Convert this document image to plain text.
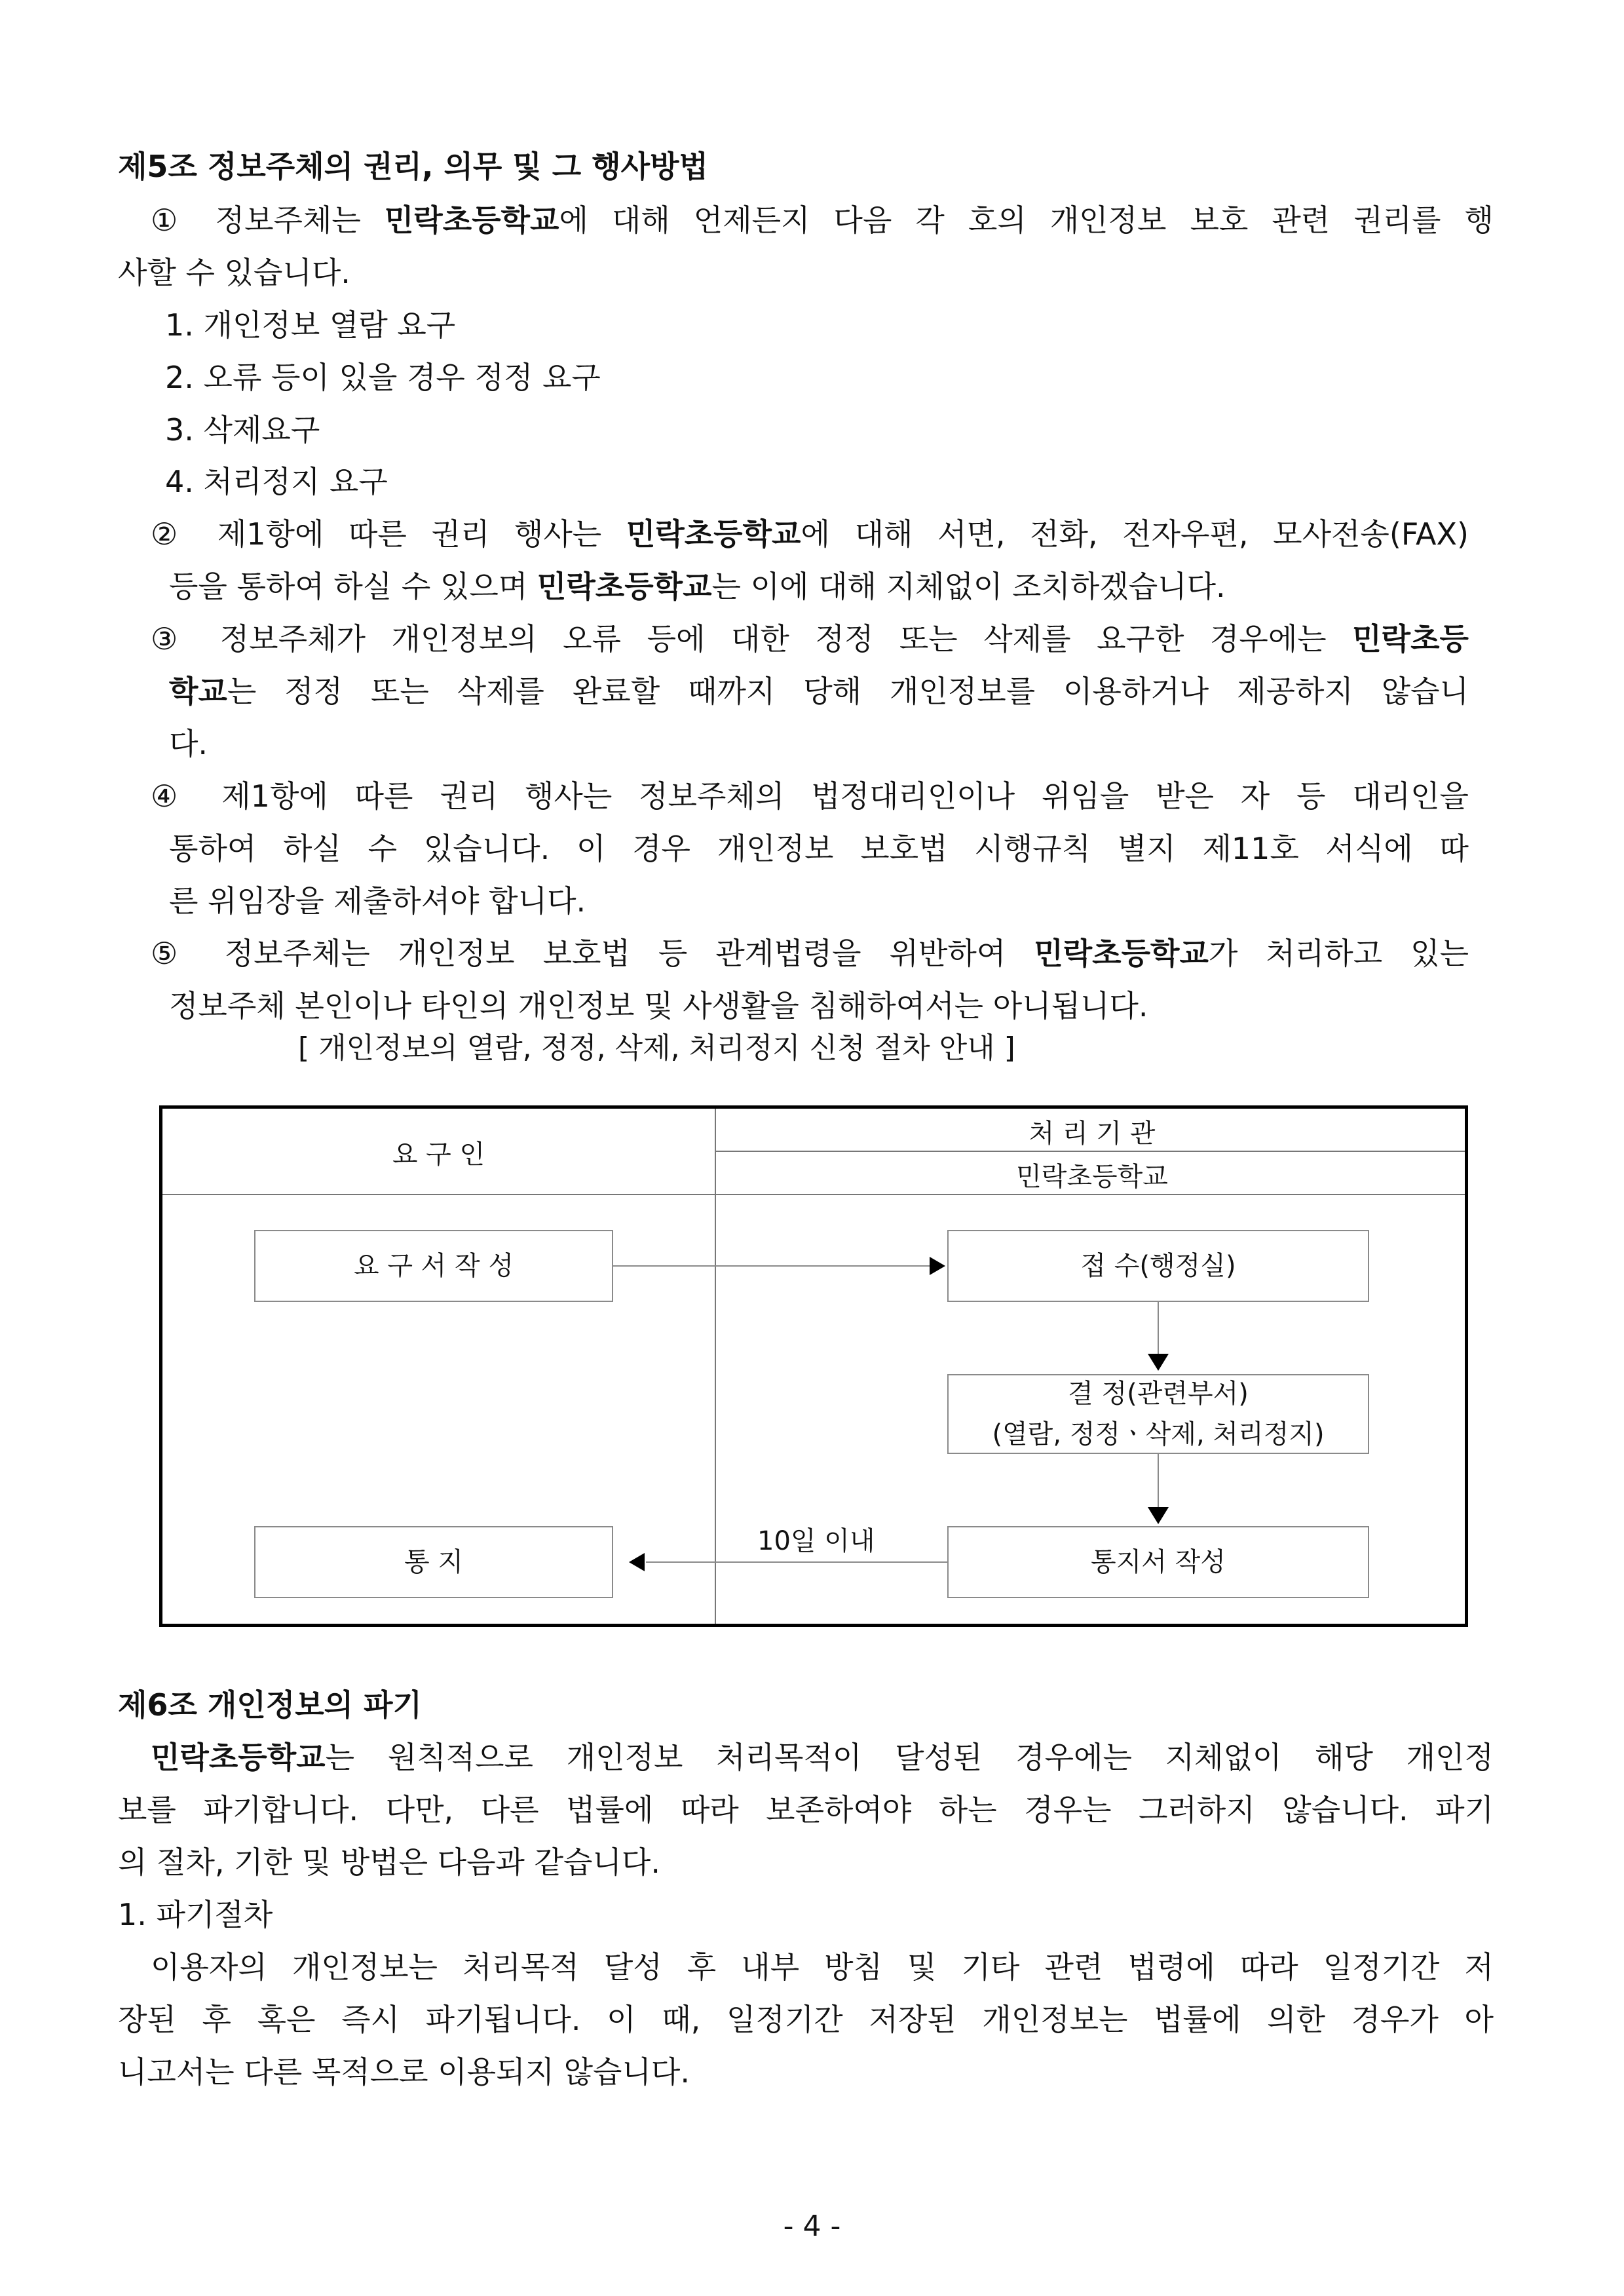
제5조 정보주체의 권리, 의무 및 그 행사방법
① 정보주체는 민락초등학교에 대해 언제든지 다음 각 호의 개인정보 보호 관련 권리를 행
사할 수 있습니다.
1. 개인정보 열람 요구
2. 오류 등이 있을 경우 정정 요구
3. 삭제요구
4. 처리정지 요구
② 제1항에 따른 권리 행사는 민락초등학교에 대해 서면, 전화, 전자우편, 모사전송(FAX)
등을 통하여 하실 수 있으며 민락초등학교는 이에 대해 지체없이 조치하겠습니다.
③ 정보주체가 개인정보의 오류 등에 대한 정정 또는 삭제를 요구한 경우에는 민락초등
학교는 정정 또는 삭제를 완료할 때까지 당해 개인정보를 이용하거나 제공하지 않습니
다.
④ 제1항에 따른 권리 행사는 정보주체의 법정대리인이나 위임을 받은 자 등 대리인을
통하여 하실 수 있습니다. 이 경우 개인정보 보호법 시행규칙 별지 제11호 서식에 따
른 위임장을 제출하셔야 합니다.
⑤ 정보주체는 개인정보 보호법 등 관계법령을 위반하여 민락초등학교가 처리하고 있는
정보주체 본인이나 타인의 개인정보 및 사생활을 침해하여서는 아니됩니다.
[ 개인정보의 열람, 정정, 삭제, 처리정지 신청 절차 안내 ]
요 구 인
처 리 기 관
민락초등학교
요 구 서 작 성	접 수(행정실)
결 정(관련부서)
(열람, 정정ㆍ삭제, 처리정지)
통지서 작성
통 지
10일 이내
제6조 개인정보의 파기
민락초등학교는 원칙적으로 개인정보 처리목적이 달성된 경우에는 지체없이 해당 개인정
보를 파기합니다. 다만, 다른 법률에 따라 보존하여야 하는 경우는 그러하지 않습니다. 파기
의 절차, 기한 및 방법은 다음과 같습니다.
1. 파기절차
이용자의 개인정보는 처리목적 달성 후 내부 방침 및 기타 관련 법령에 따라 일정기간 저
장된 후 혹은 즉시 파기됩니다. 이 때, 일정기간 저장된 개인정보는 법률에 의한 경우가 아
니고서는 다른 목적으로 이용되지 않습니다.
- 4 -
